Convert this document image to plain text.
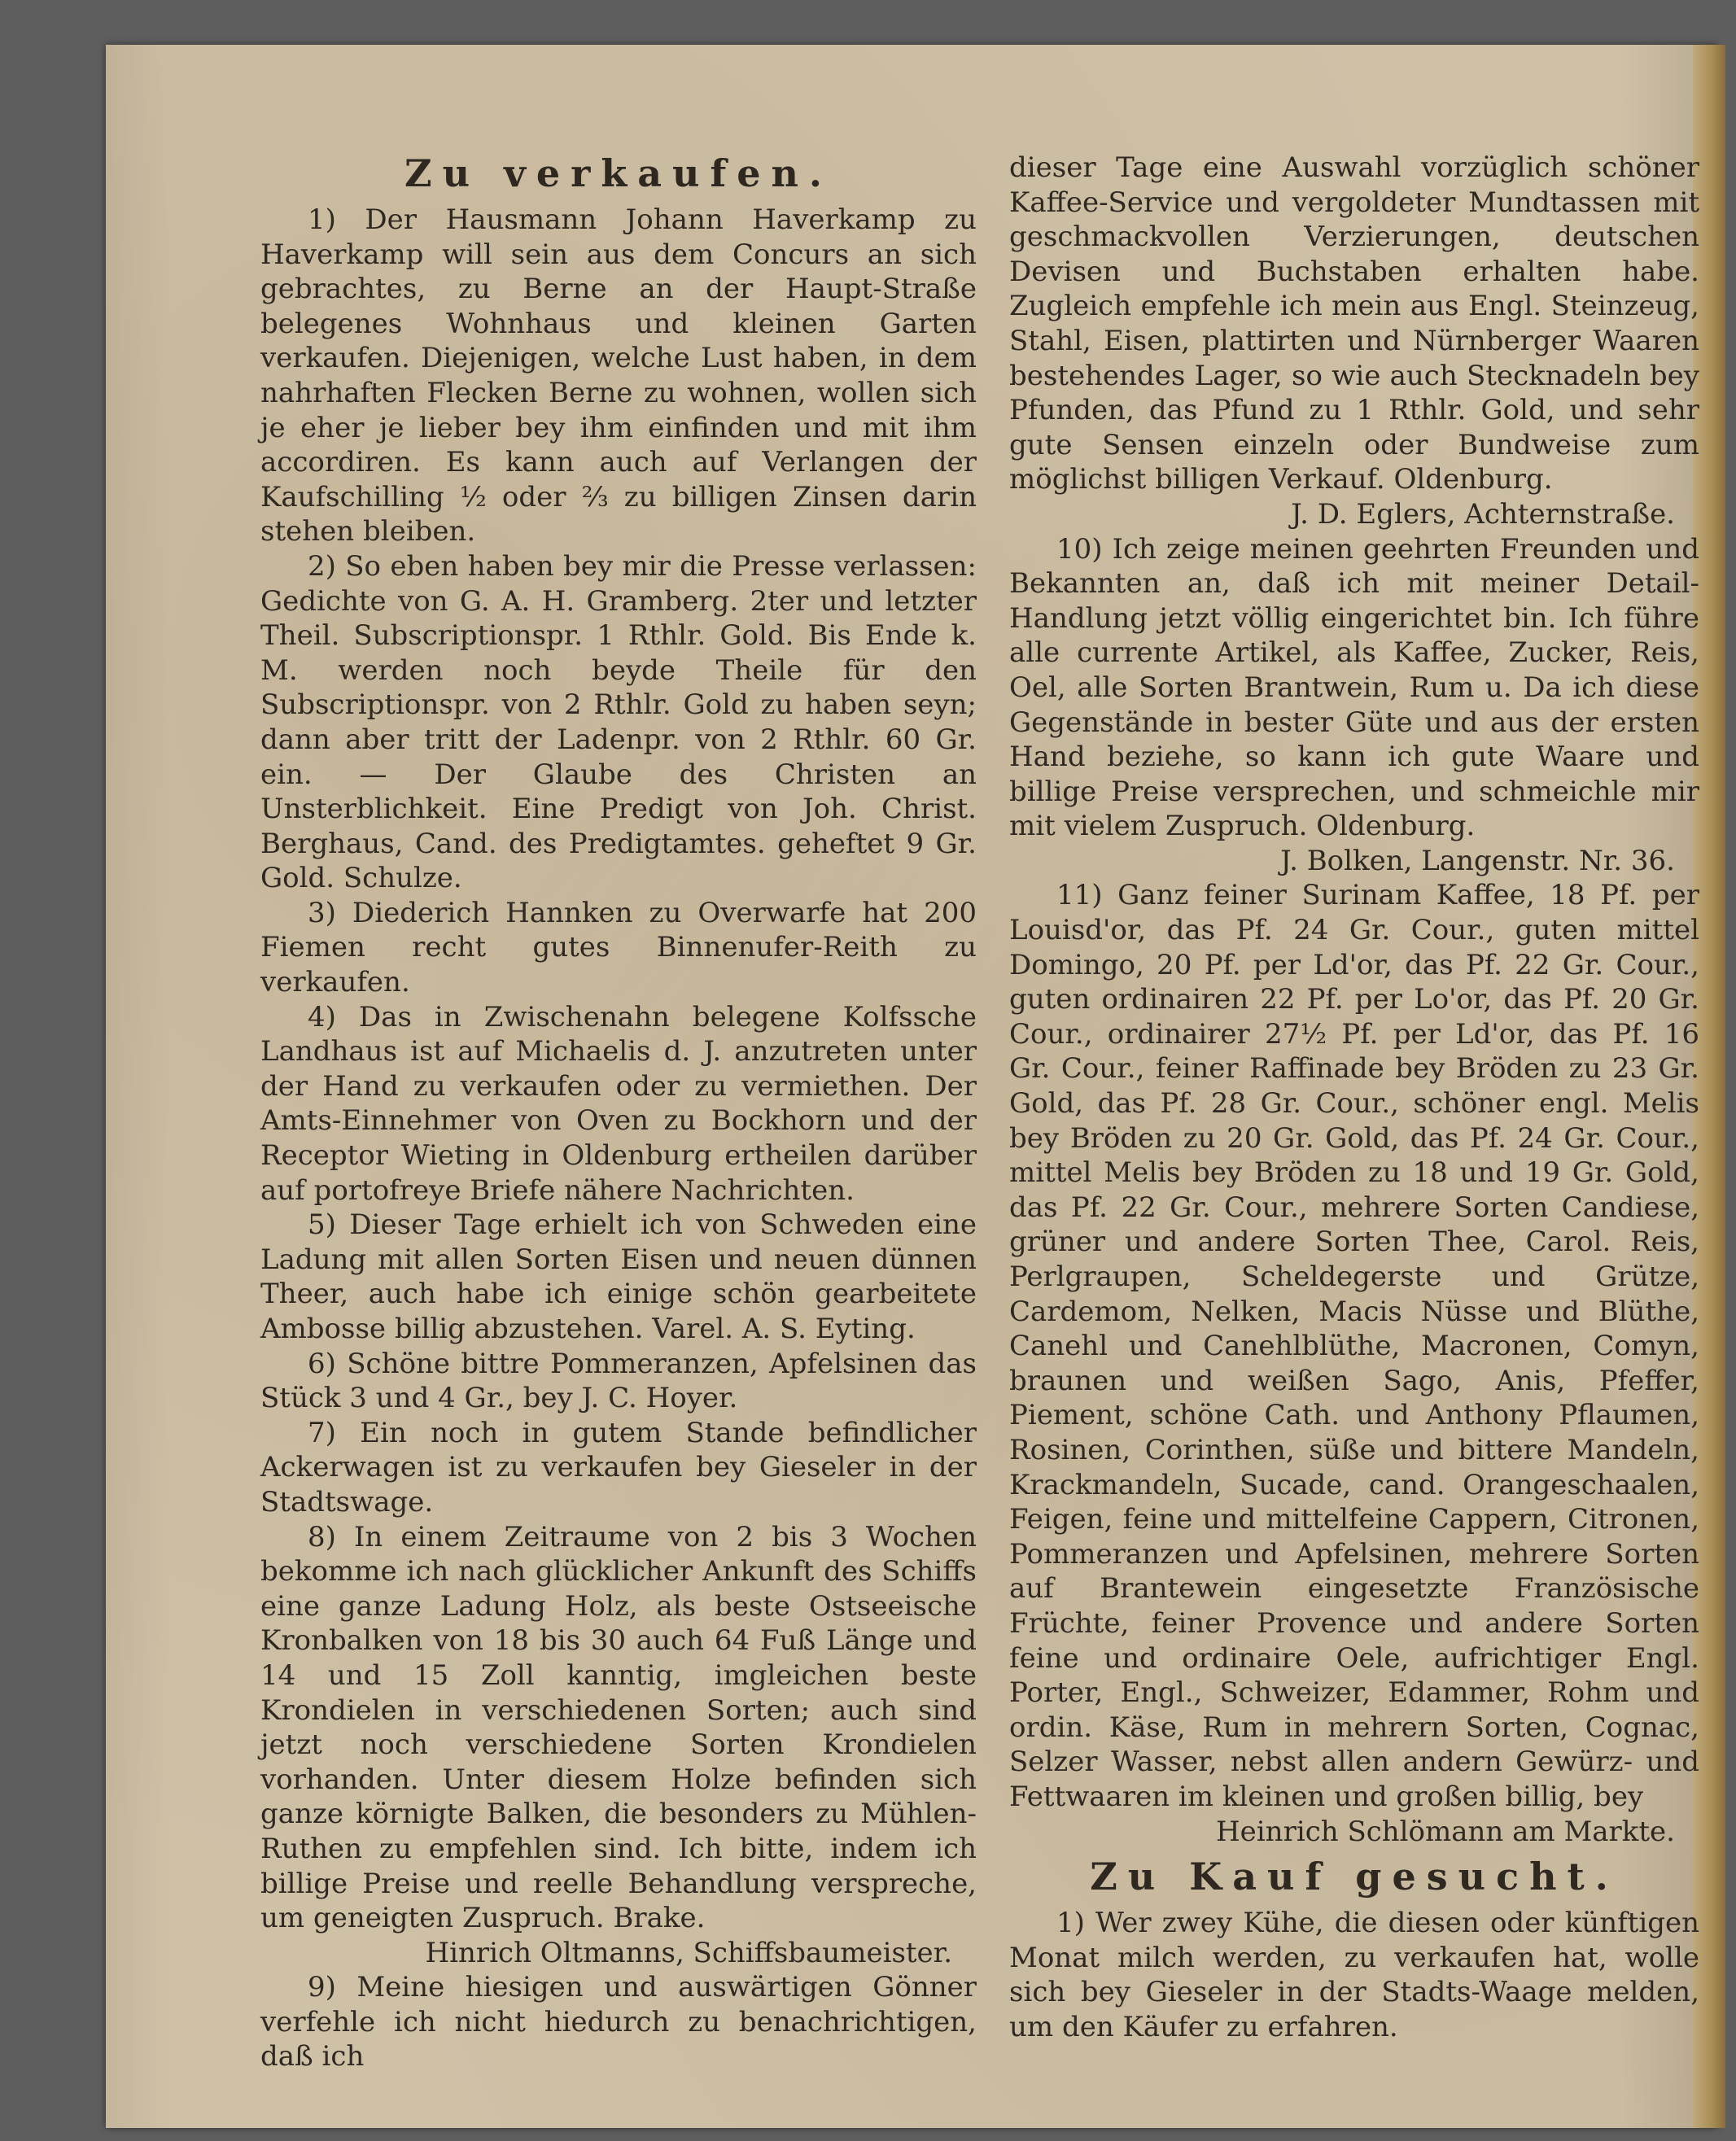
Zu verkaufen.

1) Der Hausmann Johann Haverkamp zu Haverkamp will sein aus dem Concurs an sich gebrachtes, zu Berne an der Haupt-Straße belegenes Wohnhaus und kleinen Garten verkaufen. Diejenigen, welche Lust haben, in dem nahrhaften Flecken Berne zu wohnen, wollen sich je eher je lieber bey ihm einfinden und mit ihm accordiren. Es kann auch auf Verlangen der Kaufschilling ½ oder ⅔ zu billigen Zinsen darin stehen bleiben.

2) So eben haben bey mir die Presse verlassen: Gedichte von G. A. H. Gramberg. 2ter und letzter Theil. Subscriptionspr. 1 Rthlr. Gold. Bis Ende k. M. werden noch beyde Theile für den Subscriptionspr. von 2 Rthlr. Gold zu haben seyn; dann aber tritt der Ladenpr. von 2 Rthlr. 60 Gr. ein. — Der Glaube des Christen an Unsterblichkeit. Eine Predigt von Joh. Christ. Berghaus, Cand. des Predigtamtes. geheftet 9 Gr. Gold. Schulze.

3) Diederich Hannken zu Overwarfe hat 200 Fiemen recht gutes Binnenufer-Reith zu verkaufen.

4) Das in Zwischenahn belegene Kolfssche Landhaus ist auf Michaelis d. J. anzutreten unter der Hand zu verkaufen oder zu vermiethen. Der Amts-Einnehmer von Oven zu Bockhorn und der Receptor Wieting in Oldenburg ertheilen darüber auf portofreye Briefe nähere Nachrichten.

5) Dieser Tage erhielt ich von Schweden eine Ladung mit allen Sorten Eisen und neuen dünnen Theer, auch habe ich einige schön gearbeitete Ambosse billig abzustehen. Varel. A. S. Eyting.

6) Schöne bittre Pommeranzen, Apfelsinen das Stück 3 und 4 Gr., bey J. C. Hoyer.

7) Ein noch in gutem Stande befindlicher Ackerwagen ist zu verkaufen bey Gieseler in der Stadtswage.

8) In einem Zeitraume von 2 bis 3 Wochen bekomme ich nach glücklicher Ankunft des Schiffs eine ganze Ladung Holz, als beste Ostseeische Kronbalken von 18 bis 30 auch 64 Fuß Länge und 14 und 15 Zoll kanntig, imgleichen beste Krondielen in verschiedenen Sorten; auch sind jetzt noch verschiedene Sorten Krondielen vorhanden. Unter diesem Holze befinden sich ganze körnigte Balken, die besonders zu Mühlen-Ruthen zu empfehlen sind. Ich bitte, indem ich billige Preise und reelle Behandlung verspreche, um geneigten Zuspruch. Brake.

Hinrich Oltmanns, Schiffsbaumeister.

9) Meine hiesigen und auswärtigen Gönner verfehle ich nicht hiedurch zu benachrichtigen, daß ich

dieser Tage eine Auswahl vorzüglich schöner Kaffee-Service und vergoldeter Mundtassen mit geschmackvollen Verzierungen, deutschen Devisen und Buchstaben erhalten habe. Zugleich empfehle ich mein aus Engl. Steinzeug, Stahl, Eisen, plattirten und Nürnberger Waaren bestehendes Lager, so wie auch Stecknadeln bey Pfunden, das Pfund zu 1 Rthlr. Gold, und sehr gute Sensen einzeln oder Bundweise zum möglichst billigen Verkauf. Oldenburg.

J. D. Eglers, Achternstraße.

10) Ich zeige meinen geehrten Freunden und Bekannten an, daß ich mit meiner Detail-Handlung jetzt völlig eingerichtet bin. Ich führe alle currente Artikel, als Kaffee, Zucker, Reis, Oel, alle Sorten Brantwein, Rum u. Da ich diese Gegenstände in bester Güte und aus der ersten Hand beziehe, so kann ich gute Waare und billige Preise versprechen, und schmeichle mir mit vielem Zuspruch. Oldenburg.

J. Bolken, Langenstr. Nr. 36.

11) Ganz feiner Surinam Kaffee, 18 Pf. per Louisd'or, das Pf. 24 Gr. Cour., guten mittel Domingo, 20 Pf. per Ld'or, das Pf. 22 Gr. Cour., guten ordinairen 22 Pf. per Lo'or, das Pf. 20 Gr. Cour., ordinairer 27½ Pf. per Ld'or, das Pf. 16 Gr. Cour., feiner Raffinade bey Bröden zu 23 Gr. Gold, das Pf. 28 Gr. Cour., schöner engl. Melis bey Bröden zu 20 Gr. Gold, das Pf. 24 Gr. Cour., mittel Melis bey Bröden zu 18 und 19 Gr. Gold, das Pf. 22 Gr. Cour., mehrere Sorten Candiese, grüner und andere Sorten Thee, Carol. Reis, Perlgraupen, Scheldegerste und Grütze, Cardemom, Nelken, Macis Nüsse und Blüthe, Canehl und Canehlblüthe, Macronen, Comyn, braunen und weißen Sago, Anis, Pfeffer, Piement, schöne Cath. und Anthony Pflaumen, Rosinen, Corinthen, süße und bittere Mandeln, Krackmandeln, Sucade, cand. Orangeschaalen, Feigen, feine und mittelfeine Cappern, Citronen, Pommeranzen und Apfelsinen, mehrere Sorten auf Brantewein eingesetzte Französische Früchte, feiner Provence und andere Sorten feine und ordinaire Oele, aufrichtiger Engl. Porter, Engl., Schweizer, Edammer, Rohm und ordin. Käse, Rum in mehrern Sorten, Cognac, Selzer Wasser, nebst allen andern Gewürz- und Fettwaaren im kleinen und großen billig, bey

Heinrich Schlömann am Markte.

Zu Kauf gesucht.

1) Wer zwey Kühe, die diesen oder künftigen Monat milch werden, zu verkaufen hat, wolle sich bey Gieseler in der Stadts-Waage melden, um den Käufer zu erfahren.
